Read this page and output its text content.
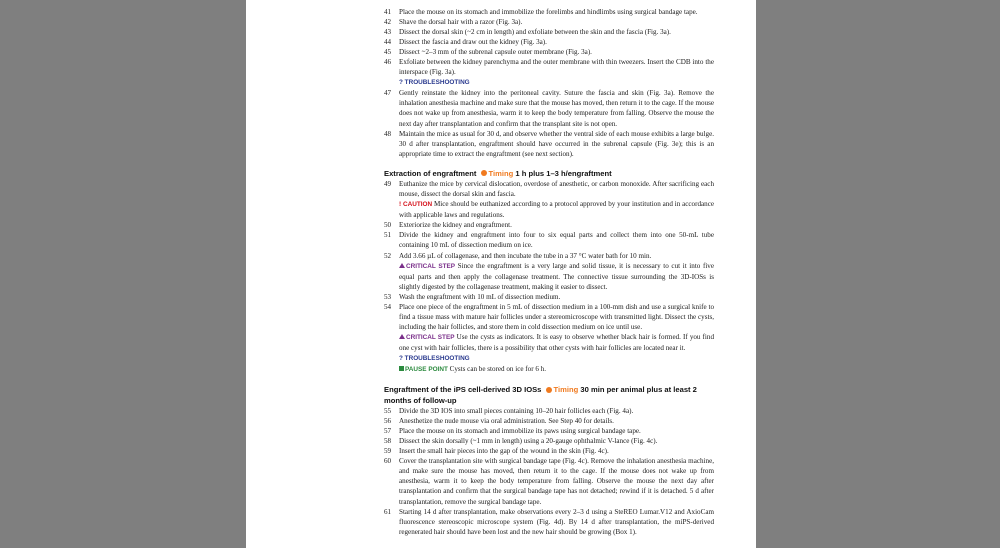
41 Place the mouse on its stomach and immobilize the forelimbs and hindlimbs using surgical bandage tape.
42 Shave the dorsal hair with a razor (Fig. 3a).
43 Dissect the dorsal skin (~2 cm in length) and exfoliate between the skin and the fascia (Fig. 3a).
44 Dissect the fascia and draw out the kidney (Fig. 3a).
45 Dissect ~2–3 mm of the subrenal capsule outer membrane (Fig. 3a).
46 Exfoliate between the kidney parenchyma and the outer membrane with thin tweezers. Insert the CDB into the interspace (Fig. 3a).
? TROUBLESHOOTING
47 Gently reinstate the kidney into the peritoneal cavity. Suture the fascia and skin (Fig. 3a). Remove the inhalation anesthesia machine and make sure that the mouse has moved, then return it to the cage. If the mouse does not wake up from anesthesia, warm it to keep the body temperature from falling. Observe the mouse the next day after transplantation and confirm that the transplant site is not open.
48 Maintain the mice as usual for 30 d, and observe whether the ventral side of each mouse exhibits a large bulge. 30 d after transplantation, engraftment should have occurred in the subrenal capsule (Fig. 3e); this is an appropriate time to extract the engraftment (see next section).
Extraction of engraftment Timing 1 h plus 1–3 h/engraftment
49 Euthanize the mice by cervical dislocation, overdose of anesthetic, or carbon monoxide. After sacrificing each mouse, dissect the dorsal skin and fascia.
! CAUTION Mice should be euthanized according to a protocol approved by your institution and in accordance with applicable laws and regulations.
50 Exteriorize the kidney and engraftment.
51 Divide the kidney and engraftment into four to six equal parts and collect them into one 50-mL tube containing 10 mL of dissection medium on ice.
52 Add 3.66 µL of collagenase, and then incubate the tube in a 37 °C water bath for 10 min.
CRITICAL STEP Since the engraftment is a very large and solid tissue, it is necessary to cut it into five equal parts and then apply the collagenase treatment. The connective tissue surrounding the 3D-IOSs is slightly digested by the collagenase treatment, making it easier to dissect.
53 Wash the engraftment with 10 mL of dissection medium.
54 Place one piece of the engraftment in 5 mL of dissection medium in a 100-mm dish and use a surgical knife to find a tissue mass with mature hair follicles under a stereomicroscope with transmitted light. Dissect the cysts, including the hair follicles, and store them in cold dissection medium on ice until use.
CRITICAL STEP Use the cysts as indicators. It is easy to observe whether black hair is formed. If you find one cyst with hair follicles, there is a possibility that other cysts with hair follicles are located near it.
? TROUBLESHOOTING
PAUSE POINT Cysts can be stored on ice for 6 h.
Engraftment of the iPS cell-derived 3D IOSs Timing 30 min per animal plus at least 2 months of follow-up
55 Divide the 3D IOS into small pieces containing 10–20 hair follicles each (Fig. 4a).
56 Anesthetize the nude mouse via oral administration. See Step 40 for details.
57 Place the mouse on its stomach and immobilize its paws using surgical bandage tape.
58 Dissect the skin dorsally (~1 mm in length) using a 20-gauge ophthalmic V-lance (Fig. 4c).
59 Insert the small hair pieces into the gap of the wound in the skin (Fig. 4c).
60 Cover the transplantation site with surgical bandage tape (Fig. 4c). Remove the inhalation anesthesia machine, and make sure the mouse has moved, then return it to the cage. If the mouse does not wake up from anesthesia, warm it to keep the body temperature from falling. Observe the mouse the next day after transplantation and confirm that the surgical bandage tape has not detached; rewind if it is detached. 5 d after transplantation, remove the surgical bandage tape.
61 Starting 14 d after transplantation, make observations every 2–3 d using a SteREO Lumar.V12 and AxioCam fluorescence stereoscopic microscope system (Fig. 4d). By 14 d after transplantation, the miPS-derived regenerated hair should have been lost and the new hair should be growing (Box 1).
